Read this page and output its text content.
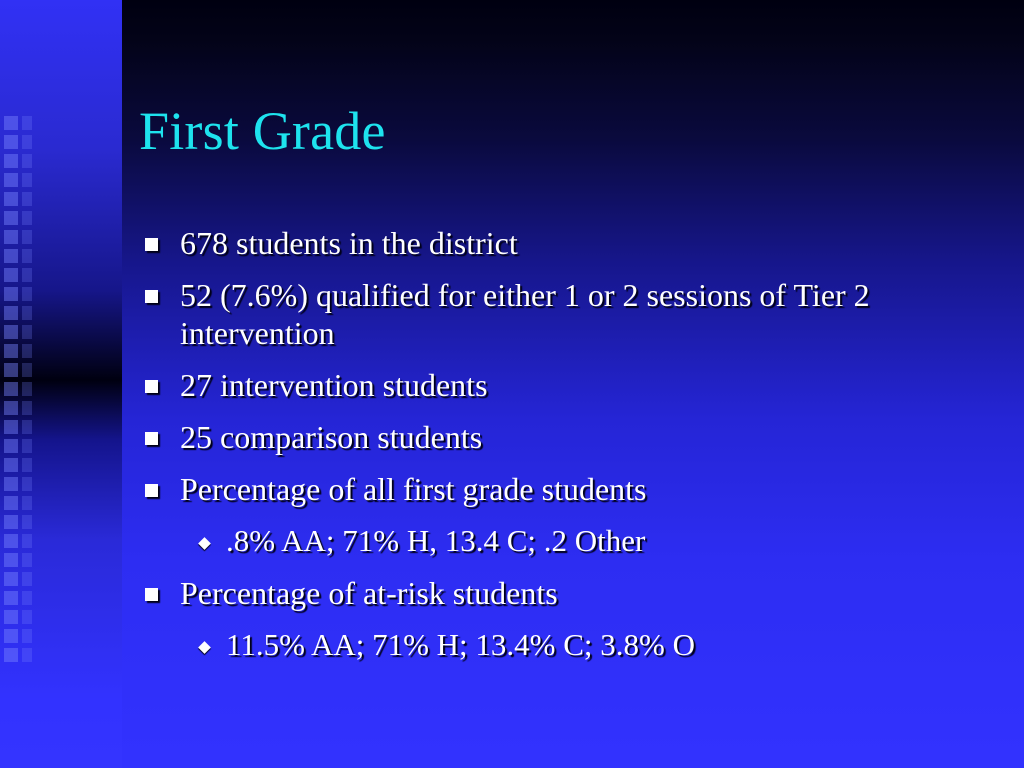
First Grade
678 students in the district
52 (7.6%) qualified for either 1 or 2 sessions of Tier 2 intervention
27 intervention students
25 comparison students
Percentage of all first grade students
.8% AA; 71% H, 13.4 C; .2 Other
Percentage of at-risk students
11.5% AA; 71% H; 13.4% C; 3.8% O
